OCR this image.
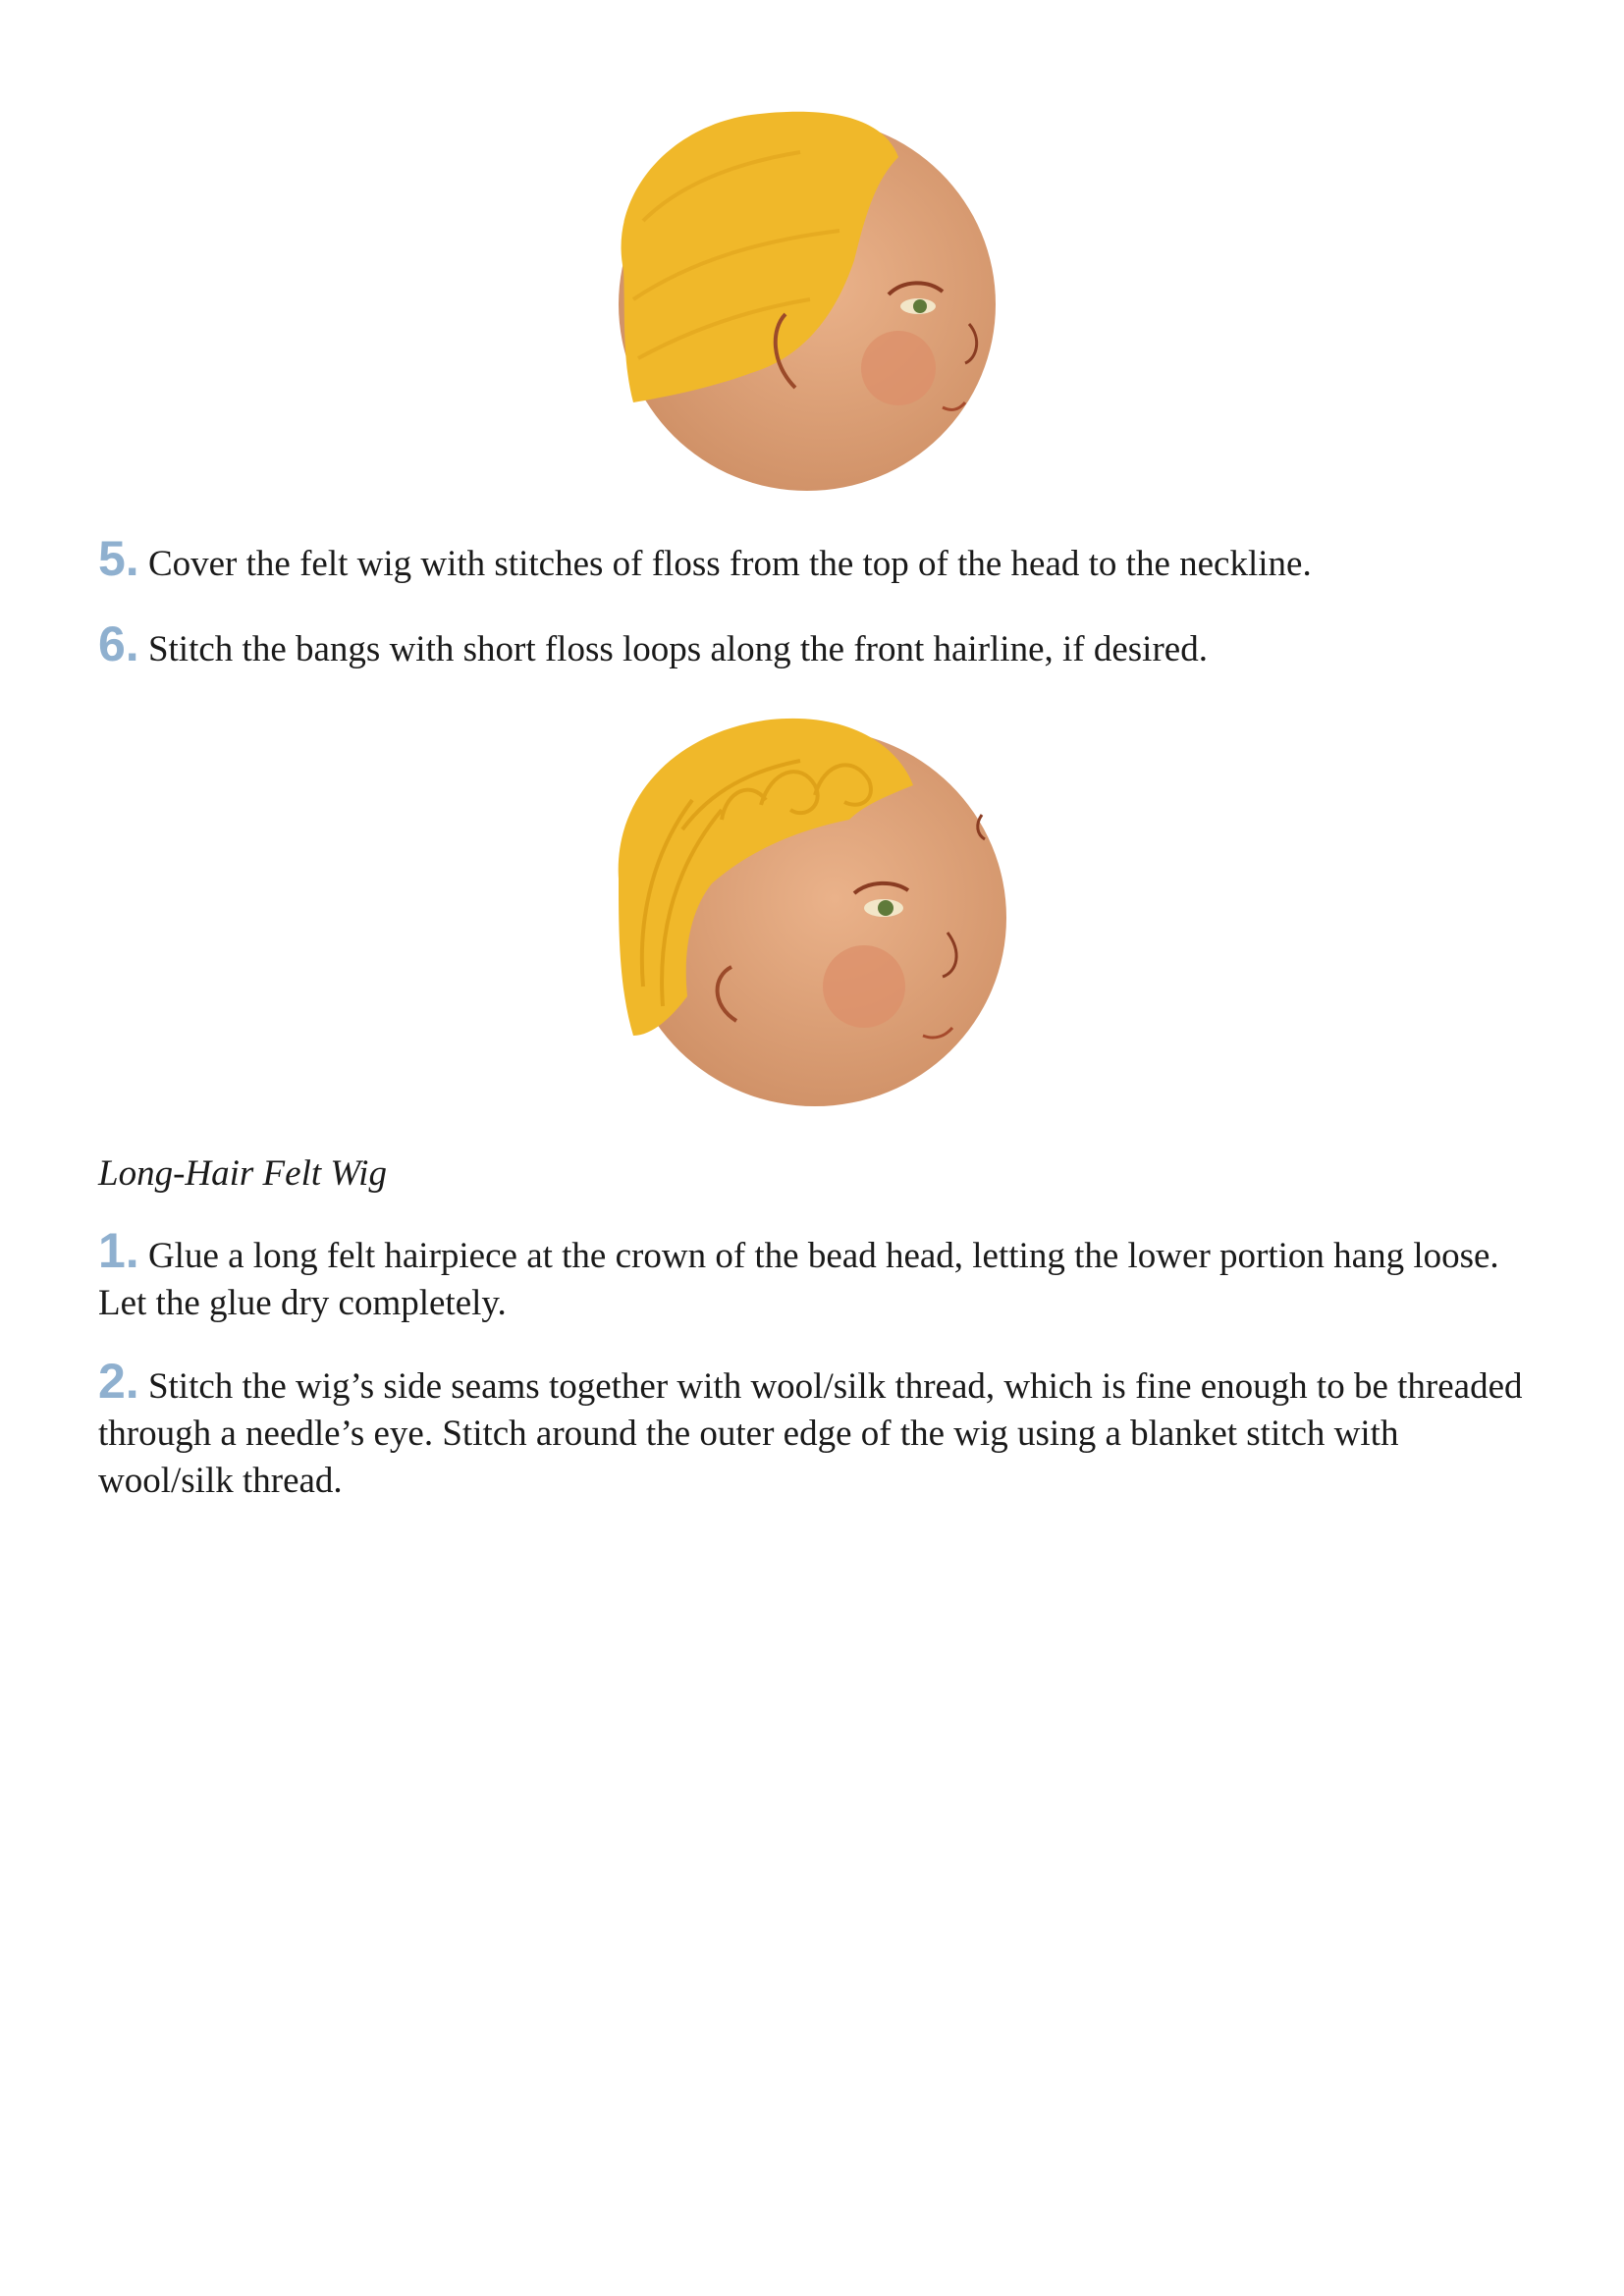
5. Cover the felt wig with stitches of floss from the top of the head to the neckline.

6. Stitch the bangs with short floss loops along the front hairline, if desired.

Long-Hair Felt Wig

1. Glue a long felt hairpiece at the crown of the bead head, letting the lower portion hang loose. Let the glue dry completely.

2. Stitch the wig’s side seams together with wool/silk thread, which is fine enough to be threaded through a needle’s eye. Stitch around the outer edge of the wig using a blanket stitch with wool/silk thread.
